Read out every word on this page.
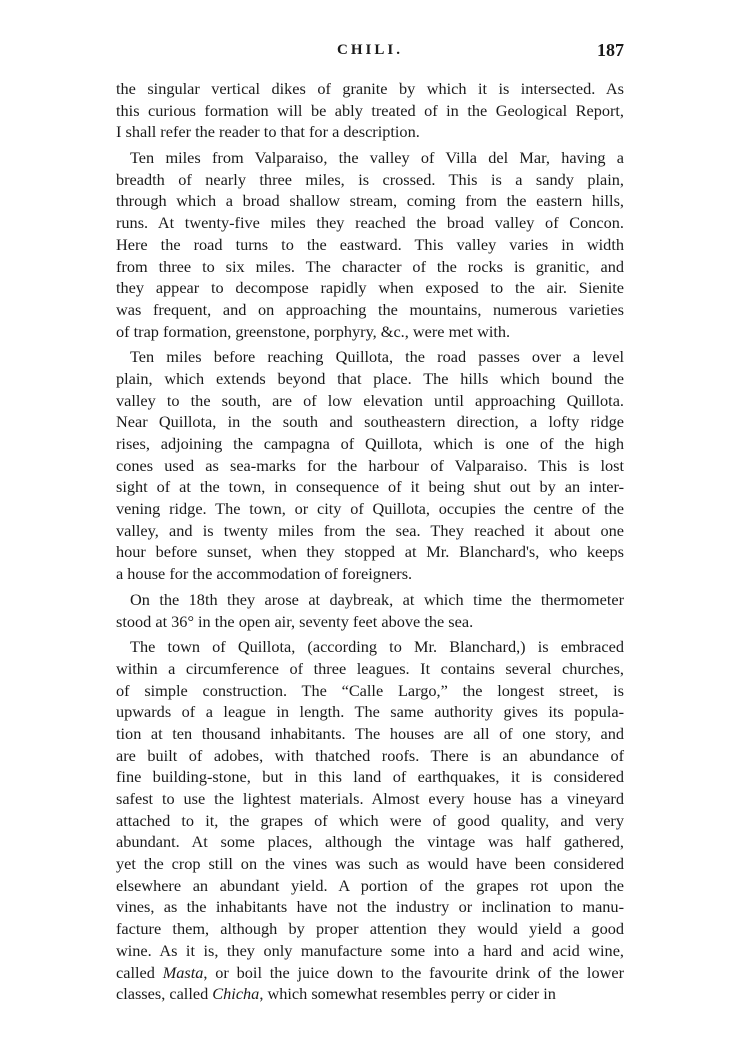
CHILI.	187
the singular vertical dikes of granite by which it is intersected. As
this curious formation will be ably treated of in the Geological Report,
I shall refer the reader to that for a description.
Ten miles from Valparaiso, the valley of Villa del Mar, having a
breadth of nearly three miles, is crossed. This is a sandy plain,
through which a broad shallow stream, coming from the eastern hills,
runs. At twenty-five miles they reached the broad valley of Concon.
Here the road turns to the eastward. This valley varies in width
from three to six miles. The character of the rocks is granitic, and
they appear to decompose rapidly when exposed to the air. Sienite
was frequent, and on approaching the mountains, numerous varieties
of trap formation, greenstone, porphyry, &c., were met with.
Ten miles before reaching Quillota, the road passes over a level
plain, which extends beyond that place. The hills which bound the
valley to the south, are of low elevation until approaching Quillota.
Near Quillota, in the south and southeastern direction, a lofty ridge
rises, adjoining the campagna of Quillota, which is one of the high
cones used as sea-marks for the harbour of Valparaiso. This is lost
sight of at the town, in consequence of it being shut out by an inter-
vening ridge. The town, or city of Quillota, occupies the centre of the
valley, and is twenty miles from the sea. They reached it about one
hour before sunset, when they stopped at Mr. Blanchard's, who keeps
a house for the accommodation of foreigners.
On the 18th they arose at daybreak, at which time the thermometer
stood at 36° in the open air, seventy feet above the sea.
The town of Quillota, (according to Mr. Blanchard,) is embraced
within a circumference of three leagues. It contains several churches,
of simple construction. The “Calle Largo,” the longest street, is
upwards of a league in length. The same authority gives its popula-
tion at ten thousand inhabitants. The houses are all of one story, and
are built of adobes, with thatched roofs. There is an abundance of
fine building-stone, but in this land of earthquakes, it is considered
safest to use the lightest materials. Almost every house has a vineyard
attached to it, the grapes of which were of good quality, and very
abundant. At some places, although the vintage was half gathered,
yet the crop still on the vines was such as would have been considered
elsewhere an abundant yield. A portion of the grapes rot upon the
vines, as the inhabitants have not the industry or inclination to manu-
facture them, although by proper attention they would yield a good
wine. As it is, they only manufacture some into a hard and acid wine,
called Masta, or boil the juice down to the favourite drink of the lower
classes, called Chicha, which somewhat resembles perry or cider in
